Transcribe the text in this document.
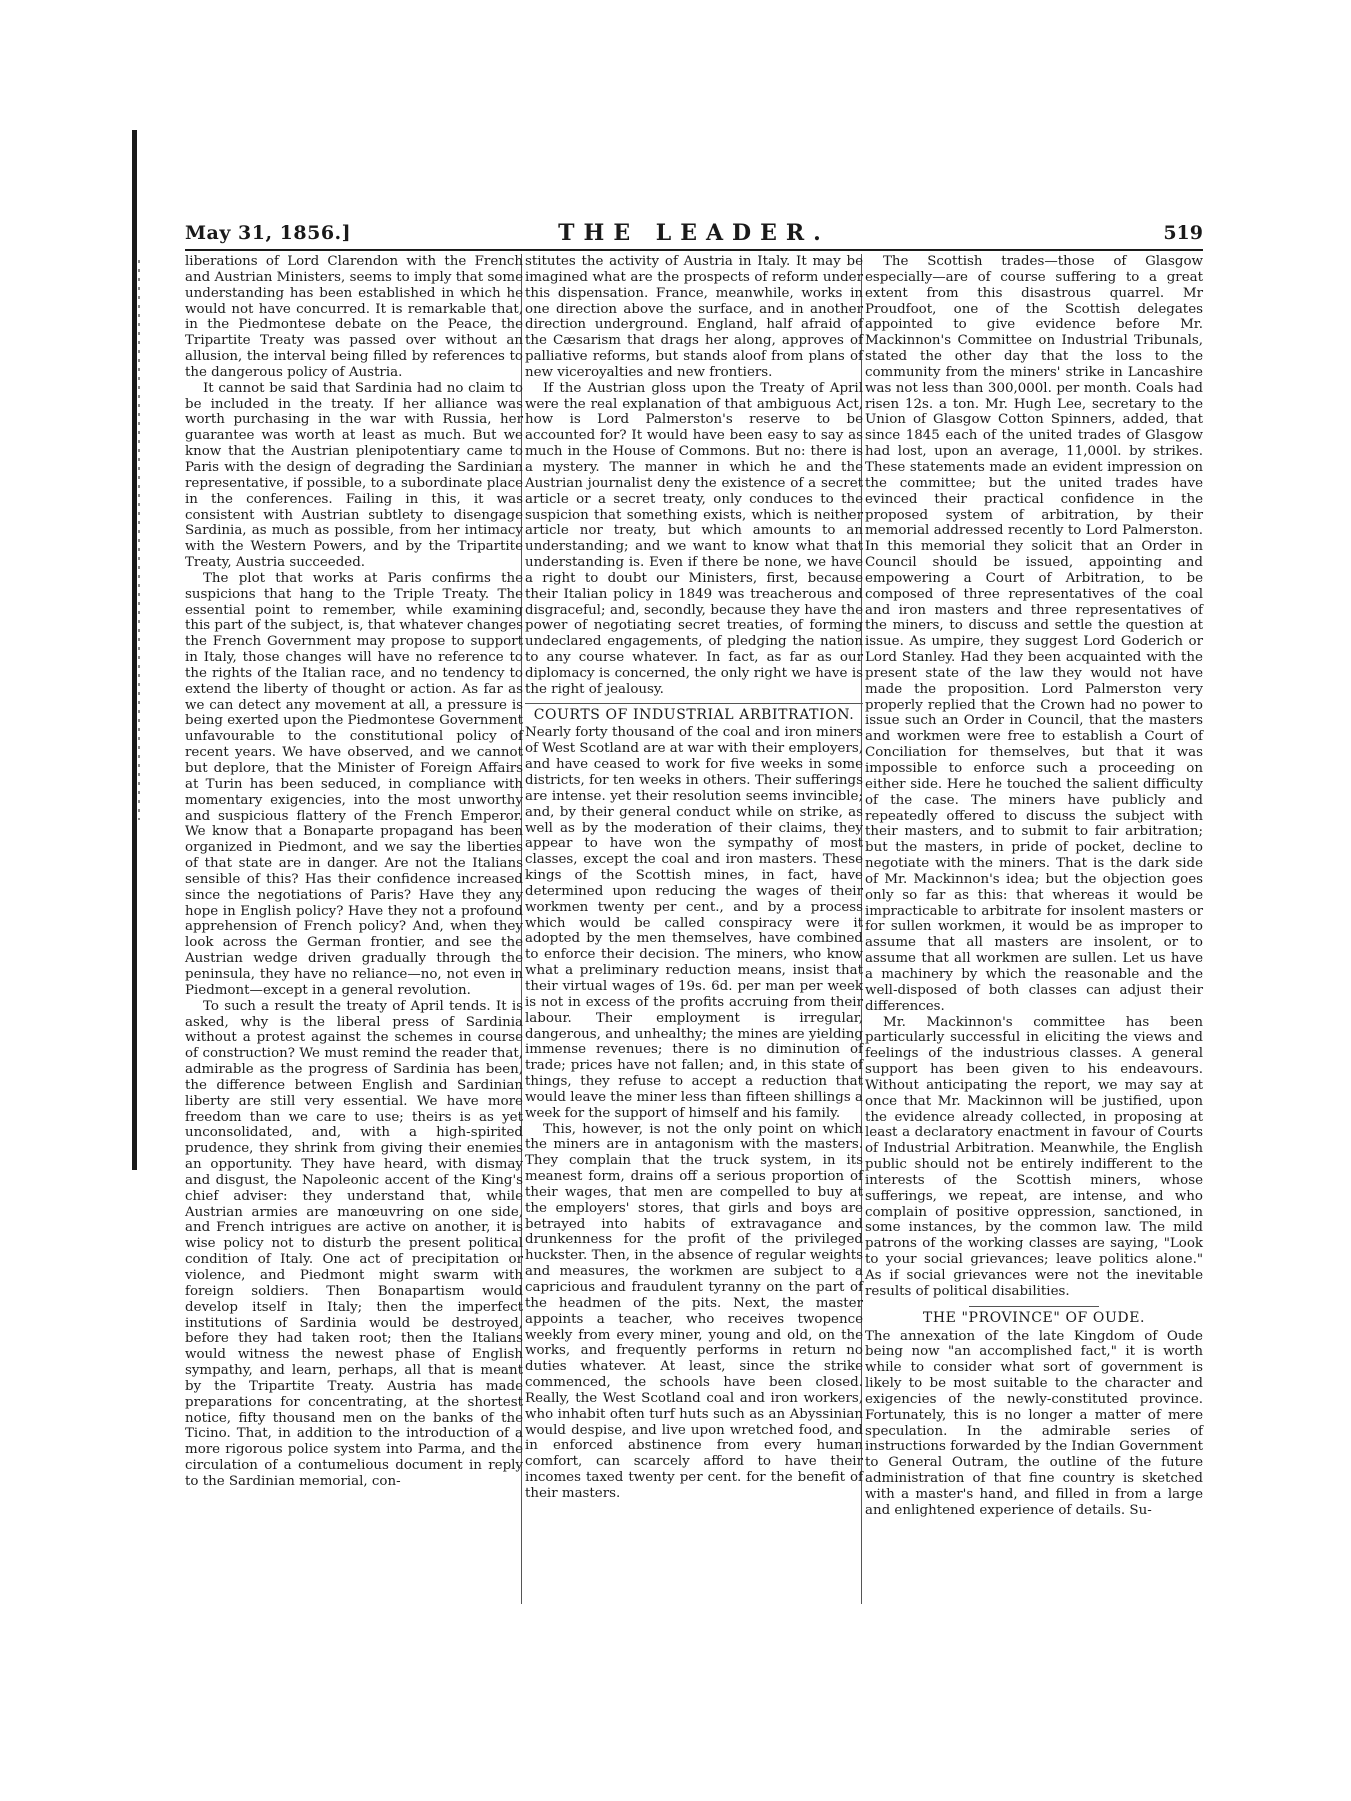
May 31, 1856.]	THE LEADER.	519

liberations of Lord Clarendon with the French and Austrian Ministers, seems to imply that some understanding has been established in which he would not have concurred. It is remarkable that, in the Piedmontese debate on the Peace, the Tripartite Treaty was passed over without an allusion, the interval being filled by references to the dangerous policy of Austria.

It cannot be said that Sardinia had no claim to be included in the treaty. If her alliance was worth purchasing in the war with Russia, her guarantee was worth at least as much. But we know that the Austrian plenipotentiary came to Paris with the design of degrading the Sardinian representative, if possible, to a subordinate place in the conferences. Failing in this, it was consistent with Austrian subtlety to disengage Sardinia, as much as possible, from her intimacy with the Western Powers, and by the Tripartite Treaty, Austria succeeded.

The plot that works at Paris confirms the suspicions that hang to the Triple Treaty. The essential point to remember, while examining this part of the subject, is, that whatever changes the French Government may propose to support in Italy, those changes will have no reference to the rights of the Italian race, and no tendency to extend the liberty of thought or action. As far as we can detect any movement at all, a pressure is being exerted upon the Piedmontese Government unfavourable to the constitutional policy of recent years. We have observed, and we cannot but deplore, that the Minister of Foreign Affairs at Turin has been seduced, in compliance with momentary exigencies, into the most unworthy and suspicious flattery of the French Emperor. We know that a Bonaparte propagand has been organized in Piedmont, and we say the liberties of that state are in danger. Are not the Italians sensible of this? Has their confidence increased since the negotiations of Paris? Have they any hope in English policy? Have they not a profound apprehension of French policy? And, when they look across the German frontier, and see the Austrian wedge driven gradually through the peninsula, they have no reliance—no, not even in Piedmont—except in a general revolution.

To such a result the treaty of April tends. It is asked, why is the liberal press of Sardinia without a protest against the schemes in course of construction? We must remind the reader that, admirable as the progress of Sardinia has been, the difference between English and Sardinian liberty are still very essential. We have more freedom than we care to use; theirs is as yet unconsolidated, and, with a high-spirited prudence, they shrink from giving their enemies an opportunity. They have heard, with dismay and disgust, the Napoleonic accent of the King's chief adviser: they understand that, while Austrian armies are manœuvring on one side, and French intrigues are active on another, it is wise policy not to disturb the present political condition of Italy. One act of precipitation or violence, and Piedmont might swarm with foreign soldiers. Then Bonapartism would develop itself in Italy; then the imperfect institutions of Sardinia would be destroyed, before they had taken root; then the Italians would witness the newest phase of English sympathy, and learn, perhaps, all that is meant by the Tripartite Treaty. Austria has made preparations for concentrating, at the shortest notice, fifty thousand men on the banks of the Ticino. That, in addition to the introduction of a more rigorous police system into Parma, and the circulation of a contumelious document in reply to the Sardinian memorial, con-

stitutes the activity of Austria in Italy. It may be imagined what are the prospects of reform under this dispensation. France, meanwhile, works in one direction above the surface, and in another direction underground. England, half afraid of the Cæsarism that drags her along, approves of palliative reforms, but stands aloof from plans of new viceroyalties and new frontiers.

If the Austrian gloss upon the Treaty of April were the real explanation of that ambiguous Act, how is Lord Palmerston's reserve to be accounted for? It would have been easy to say as much in the House of Commons. But no: there is a mystery. The manner in which he and the Austrian journalist deny the existence of a secret article or a secret treaty, only conduces to the suspicion that something exists, which is neither article nor treaty, but which amounts to an understanding; and we want to know what that understanding is. Even if there be none, we have a right to doubt our Ministers, first, because their Italian policy in 1849 was treacherous and disgraceful; and, secondly, because they have the power of negotiating secret treaties, of forming undeclared engagements, of pledging the nation to any course whatever. In fact, as far as our diplomacy is concerned, the only right we have is the right of jealousy.

COURTS OF INDUSTRIAL ARBITRATION.

Nearly forty thousand of the coal and iron miners of West Scotland are at war with their employers, and have ceased to work for five weeks in some districts, for ten weeks in others. Their sufferings are intense. yet their resolution seems invincible; and, by their general conduct while on strike, as well as by the moderation of their claims, they appear to have won the sympathy of most classes, except the coal and iron masters. These kings of the Scottish mines, in fact, have determined upon reducing the wages of their workmen twenty per cent., and by a process which would be called conspiracy were it adopted by the men themselves, have combined to enforce their decision. The miners, who know what a preliminary reduction means, insist that their virtual wages of 19s. 6d. per man per week is not in excess of the profits accruing from their labour. Their employment is irregular, dangerous, and unhealthy; the mines are yielding immense revenues; there is no diminution of trade; prices have not fallen; and, in this state of things, they refuse to accept a reduction that would leave the miner less than fifteen shillings a week for the support of himself and his family.

This, however, is not the only point on which the miners are in antagonism with the masters. They complain that the truck system, in its meanest form, drains off a serious proportion of their wages, that men are compelled to buy at the employers' stores, that girls and boys are betrayed into habits of extravagance and drunkenness for the profit of the privileged huckster. Then, in the absence of regular weights and measures, the workmen are subject to a capricious and fraudulent tyranny on the part of the headmen of the pits. Next, the master appoints a teacher, who receives twopence weekly from every miner, young and old, on the works, and frequently performs in return no duties whatever. At least, since the strike commenced, the schools have been closed. Really, the West Scotland coal and iron workers, who inhabit often turf huts such as an Abyssinian would despise, and live upon wretched food, and in enforced abstinence from every human comfort, can scarcely afford to have their incomes taxed twenty per cent. for the benefit of their masters.

The Scottish trades—those of Glasgow especially—are of course suffering to a great extent from this disastrous quarrel. Mr Proudfoot, one of the Scottish delegates appointed to give evidence before Mr. Mackinnon's Committee on Industrial Tribunals, stated the other day that the loss to the community from the miners' strike in Lancashire was not less than 300,000l. per month. Coals had risen 12s. a ton. Mr. Hugh Lee, secretary to the Union of Glasgow Cotton Spinners, added, that since 1845 each of the united trades of Glasgow had lost, upon an average, 11,000l. by strikes. These statements made an evident impression on the committee; but the united trades have evinced their practical confidence in the proposed system of arbitration, by their memorial addressed recently to Lord Palmerston. In this memorial they solicit that an Order in Council should be issued, appointing and empowering a Court of Arbitration, to be composed of three representatives of the coal and iron masters and three representatives of the miners, to discuss and settle the question at issue. As umpire, they suggest Lord Goderich or Lord Stanley. Had they been acquainted with the present state of the law they would not have made the proposition. Lord Palmerston very properly replied that the Crown had no power to issue such an Order in Council, that the masters and workmen were free to establish a Court of Conciliation for themselves, but that it was impossible to enforce such a proceeding on either side. Here he touched the salient difficulty of the case. The miners have publicly and repeatedly offered to discuss the subject with their masters, and to submit to fair arbitration; but the masters, in pride of pocket, decline to negotiate with the miners. That is the dark side of Mr. Mackinnon's idea; but the objection goes only so far as this: that whereas it would be impracticable to arbitrate for insolent masters or for sullen workmen, it would be as improper to assume that all masters are insolent, or to assume that all workmen are sullen. Let us have a machinery by which the reasonable and the well-disposed of both classes can adjust their differences.

Mr. Mackinnon's committee has been particularly successful in eliciting the views and feelings of the industrious classes. A general support has been given to his endeavours. Without anticipating the report, we may say at once that Mr. Mackinnon will be justified, upon the evidence already collected, in proposing at least a declaratory enactment in favour of Courts of Industrial Arbitration. Meanwhile, the English public should not be entirely indifferent to the interests of the Scottish miners, whose sufferings, we repeat, are intense, and who complain of positive oppression, sanctioned, in some instances, by the common law. The mild patrons of the working classes are saying, "Look to your social grievances; leave politics alone." As if social grievances were not the inevitable results of political disabilities.

THE "PROVINCE" OF OUDE.

The annexation of the late Kingdom of Oude being now "an accomplished fact," it is worth while to consider what sort of government is likely to be most suitable to the character and exigencies of the newly-constituted province. Fortunately, this is no longer a matter of mere speculation. In the admirable series of instructions forwarded by the Indian Government to General Outram, the outline of the future administration of that fine country is sketched with a master's hand, and filled in from a large and enlightened experience of details. Su-
